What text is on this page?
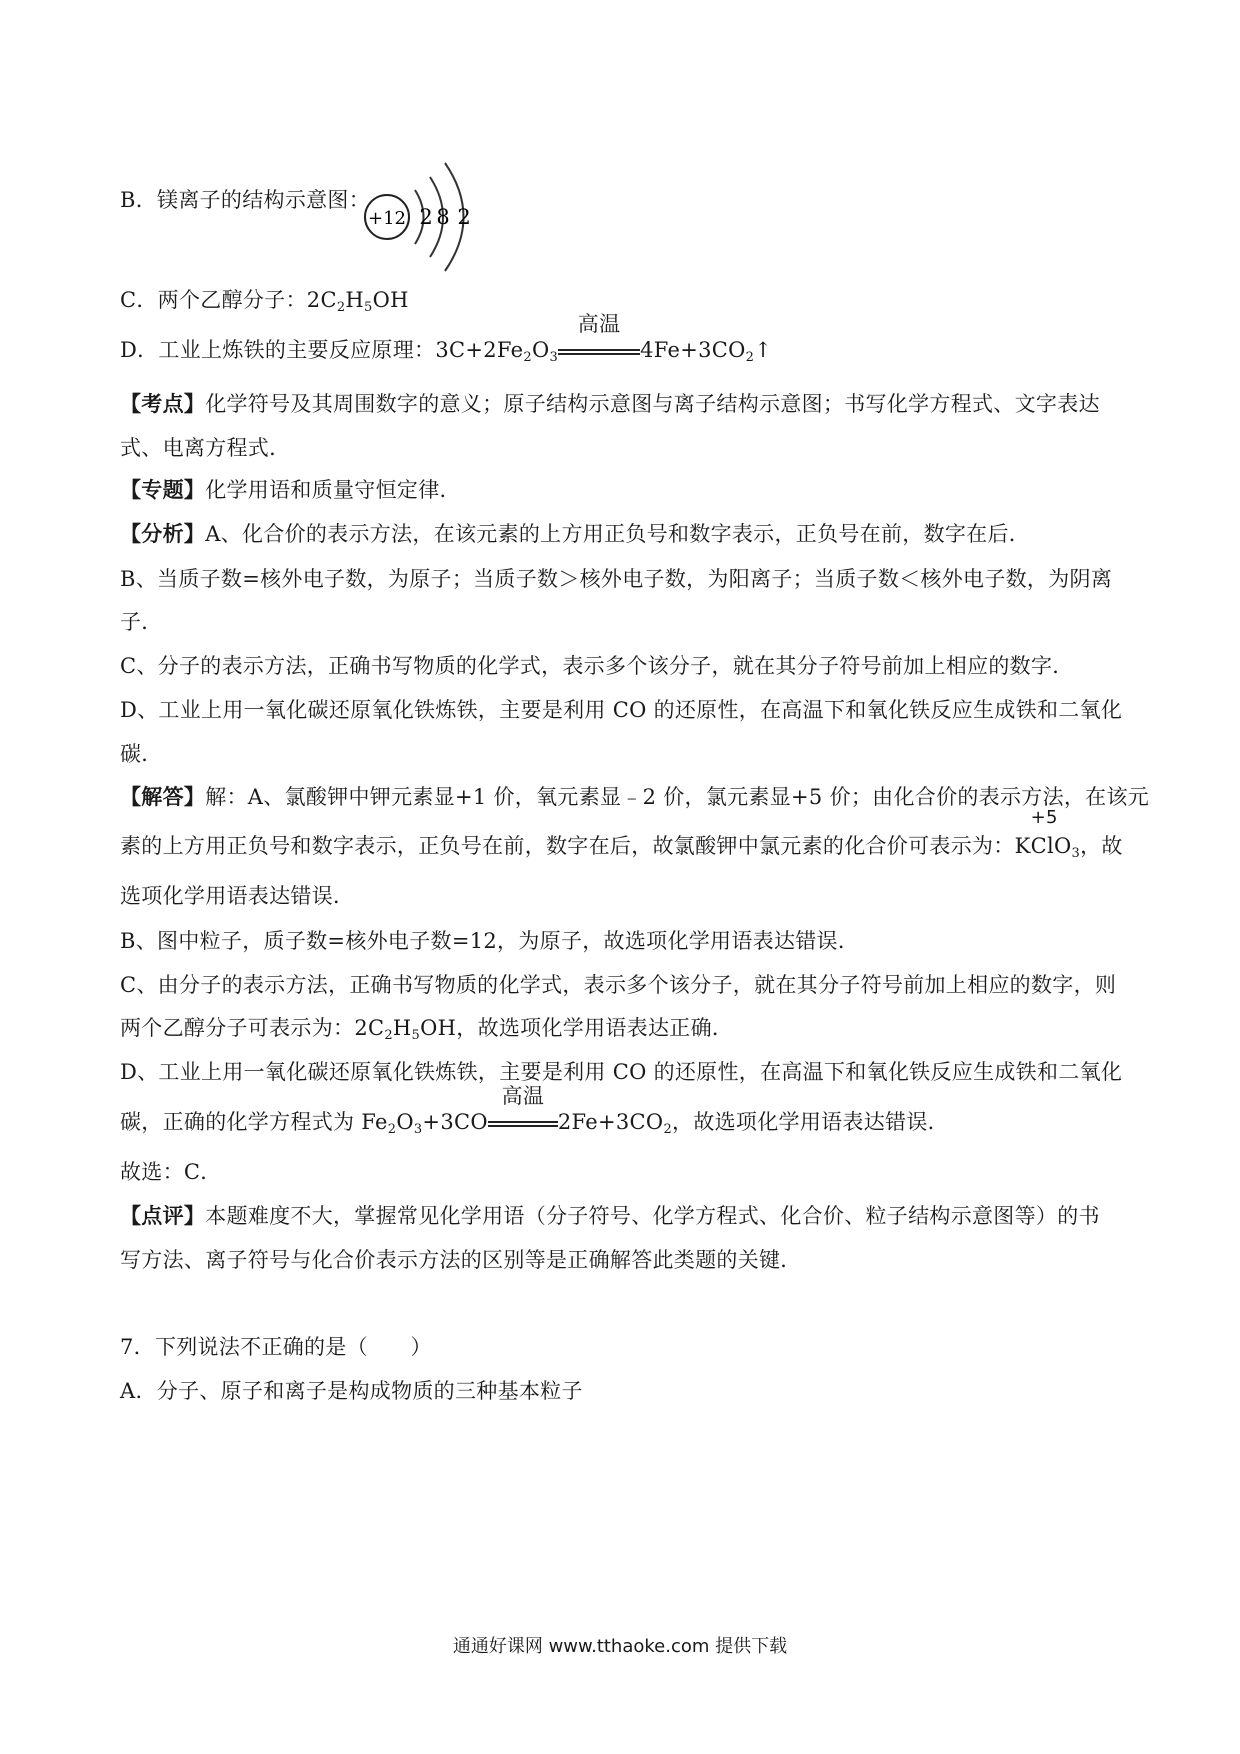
B．镁离子的结构示意图：
+12 2 8 2
C．两个乙醇分子：$2C_2H_5OH$
D．工业上炼铁的主要反应原理：$3C+2Fe_2O_3$
高温
$4Fe+3CO_2↑$
【考点】化学符号及其周围数字的意义；原子结构示意图与离子结构示意图；书写化学方程式、文字表达
式、电离方程式．
【专题】化学用语和质量守恒定律．
【分析】A、化合价的表示方法，在该元素的上方用正负号和数字表示，正负号在前，数字在后．
B、当质子数=核外电子数，为原子；当质子数＞核外电子数，为阳离子；当质子数＜核外电子数，为阴离
子．
C、分子的表示方法，正确书写物质的化学式，表示多个该分子，就在其分子符号前加上相应的数字．
D、工业上用一氧化碳还原氧化铁炼铁，主要是利用 CO 的还原性，在高温下和氧化铁反应生成铁和二氧化
碳．
【解答】解：A、氯酸钾中钾元素显+1 价，氧元素显﹣2 价，氯元素显+5 价；由化合价的表示方法，在该元
素的上方用正负号和数字表示，正负号在前，数字在后，故氯酸钾中氯元素的化合价可表示为：K
+5
ClO$_3$，故
选项化学用语表达错误．
B、图中粒子，质子数=核外电子数=12，为原子，故选项化学用语表达错误．
C、由分子的表示方法，正确书写物质的化学式，表示多个该分子，就在其分子符号前加上相应的数字，则
两个乙醇分子可表示为：$2C_2H_5OH$，故选项化学用语表达正确．
D、工业上用一氧化碳还原氧化铁炼铁，主要是利用 CO 的还原性，在高温下和氧化铁反应生成铁和二氧化
碳，正确的化学方程式为 $Fe_2O_3+3CO$
高温
$2Fe+3CO_2$，故选项化学用语表达错误．
故选：C．
【点评】本题难度不大，掌握常见化学用语（分子符号、化学方程式、化合价、粒子结构示意图等）的书
写方法、离子符号与化合价表示方法的区别等是正确解答此类题的关键．
7．下列说法不正确的是（　　）
A．分子、原子和离子是构成物质的三种基本粒子
通通好课网 www.tthaoke.com 提供下载
